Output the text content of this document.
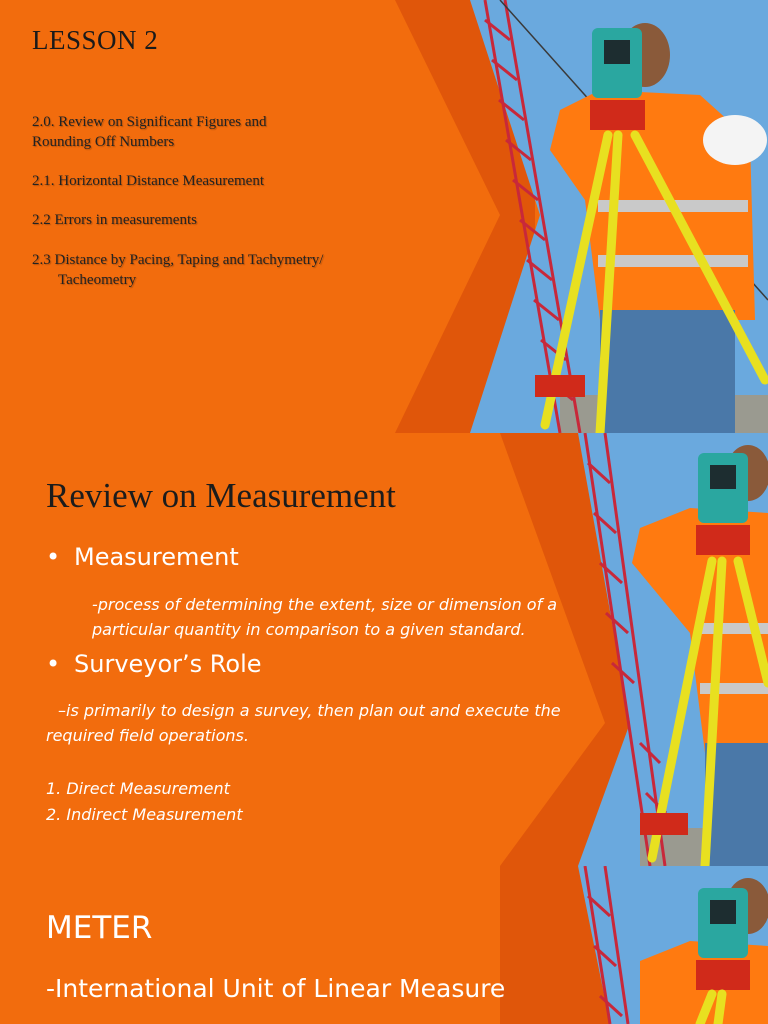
LESSON 2
2.0. Review on Significant Figures and
Rounding Off Numbers
2.1. Horizontal Distance Measurement
2.2 Errors in measurements
2.3 Distance by Pacing, Taping and Tachymetry/
Tacheometry
Review on Measurement
• Measurement
-process of determining the extent, size or dimension of a
particular quantity in comparison to a given standard.
• Surveyor’s Role
–is primarily to design a survey, then plan out and execute the
required field operations.
1. Direct Measurement
2. Indirect Measurement
METER
-International Unit of Linear Measure
